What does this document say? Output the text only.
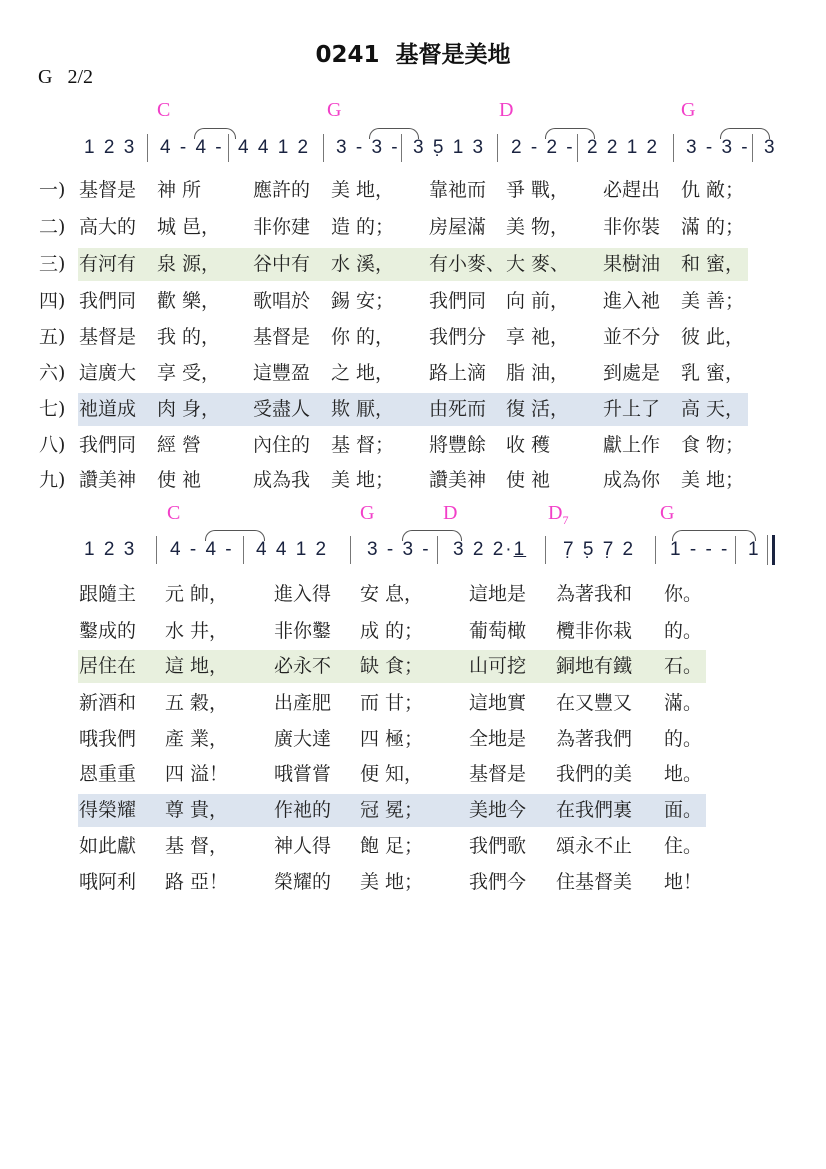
0241  基督是美地
G   2/2
C	G	D	G
1 2 3 4 - 4 - 4 4 1 2 3 - 3 - 3 5̣ 1 3 2 - 2 - 2 2 1 2 3 - 3 - 3
一) 基督是 神 所	應許的 美 地， 靠祂而 爭 戰， 必趕出 仇 敵；
二) 高大的 城 邑， 非你建 造 的； 房屋滿 美 物， 非你裝 滿 的；
三) 有河有 泉 源， 谷中有 水 溪， 有小麥、 大 麥、 果樹油 和 蜜，
四) 我們同 歡 樂， 歌唱於 錫 安； 我們同 向 前， 進入祂 美 善；
五) 基督是 我 的， 基督是 你 的， 我們分 享 祂， 並不分 彼 此，
六) 這廣大 享 受， 這豐盈 之 地， 路上滴 脂 油， 到處是 乳 蜜，
七) 祂道成 肉 身， 受盡人 欺 厭， 由死而 復 活， 升上了 高 天，
八) 我們同 經 營	內住的 基 督； 將豐餘 收 穫	獻上作 食 物；
九) 讚美神 使 祂	成為我 美 地； 讚美神 使 祂	成為你 美 地；
C	G	D	$D_7$	G
1 2 3 4 - 4 - 4 4 1 2 3 - 3 - 3 2 2·1 7̣ 5̣ 7̣ 2 1 - - - 1
跟隨主 元 帥， 進入得 安 息， 這地是 為著我和 你。
鑿成的 水 井， 非你鑿 成 的； 葡萄橄 欖非你栽 的。
居住在 這 地， 必永不 缺 食； 山可挖 銅地有鐵 石。
新酒和 五 穀， 出產肥 而 甘； 這地實 在又豐又 滿。
哦我們 產 業， 廣大達 四 極； 全地是 為著我們 的。
恩重重 四 溢！ 哦嘗嘗 便 知， 基督是 我們的美 地。
得榮耀 尊 貴， 作祂的 冠 冕； 美地今 在我們裏 面。
如此獻 基 督， 神人得 飽 足； 我們歌 頌永不止 住。
哦阿利 路 亞！ 榮耀的 美 地； 我們今 住基督美 地！
